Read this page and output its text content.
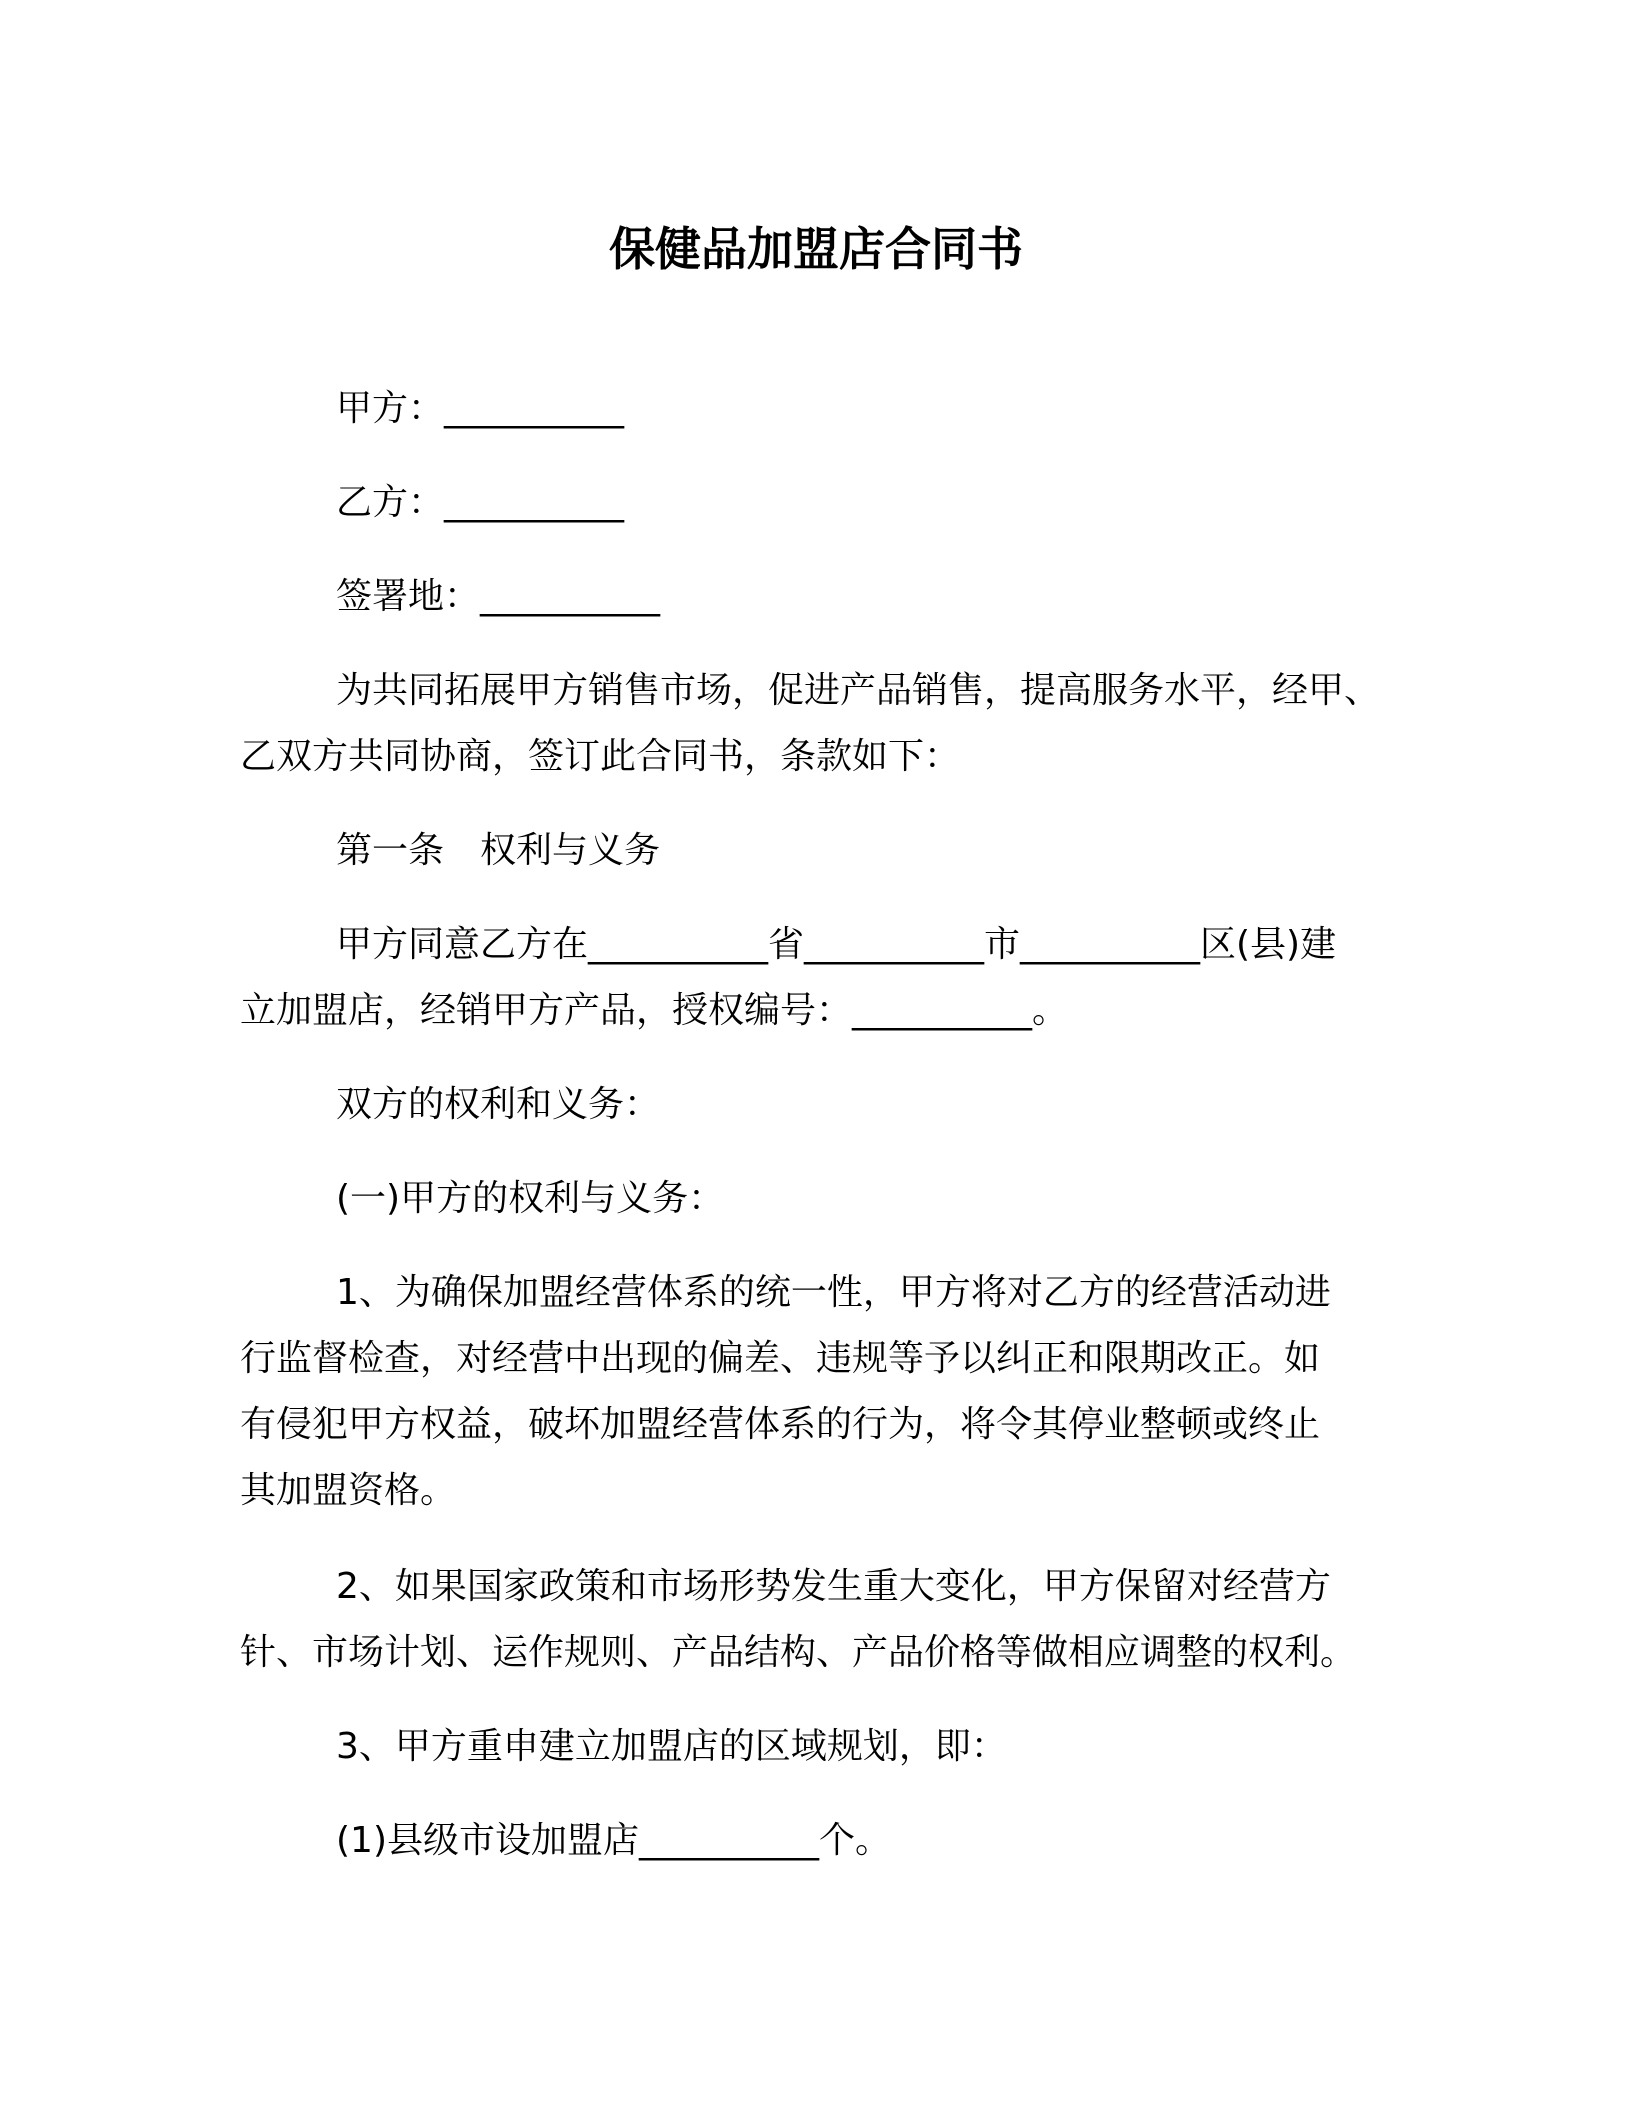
保健品加盟店合同书
甲方：__________
乙方：__________
签署地：__________
为共同拓展甲方销售市场，促进产品销售，提高服务水平，经甲、
乙双方共同协商，签订此合同书，条款如下：
第一条　权利与义务
甲方同意乙方在__________省__________市__________区(县)建
立加盟店，经销甲方产品，授权编号：__________。
双方的权利和义务：
(一)甲方的权利与义务：
1、为确保加盟经营体系的统一性，甲方将对乙方的经营活动进
行监督检查，对经营中出现的偏差、违规等予以纠正和限期改正。如
有侵犯甲方权益，破坏加盟经营体系的行为，将令其停业整顿或终止
其加盟资格。
2、如果国家政策和市场形势发生重大变化，甲方保留对经营方
针、市场计划、运作规则、产品结构、产品价格等做相应调整的权利。
3、甲方重申建立加盟店的区域规划，即：
(1)县级市设加盟店__________个。
